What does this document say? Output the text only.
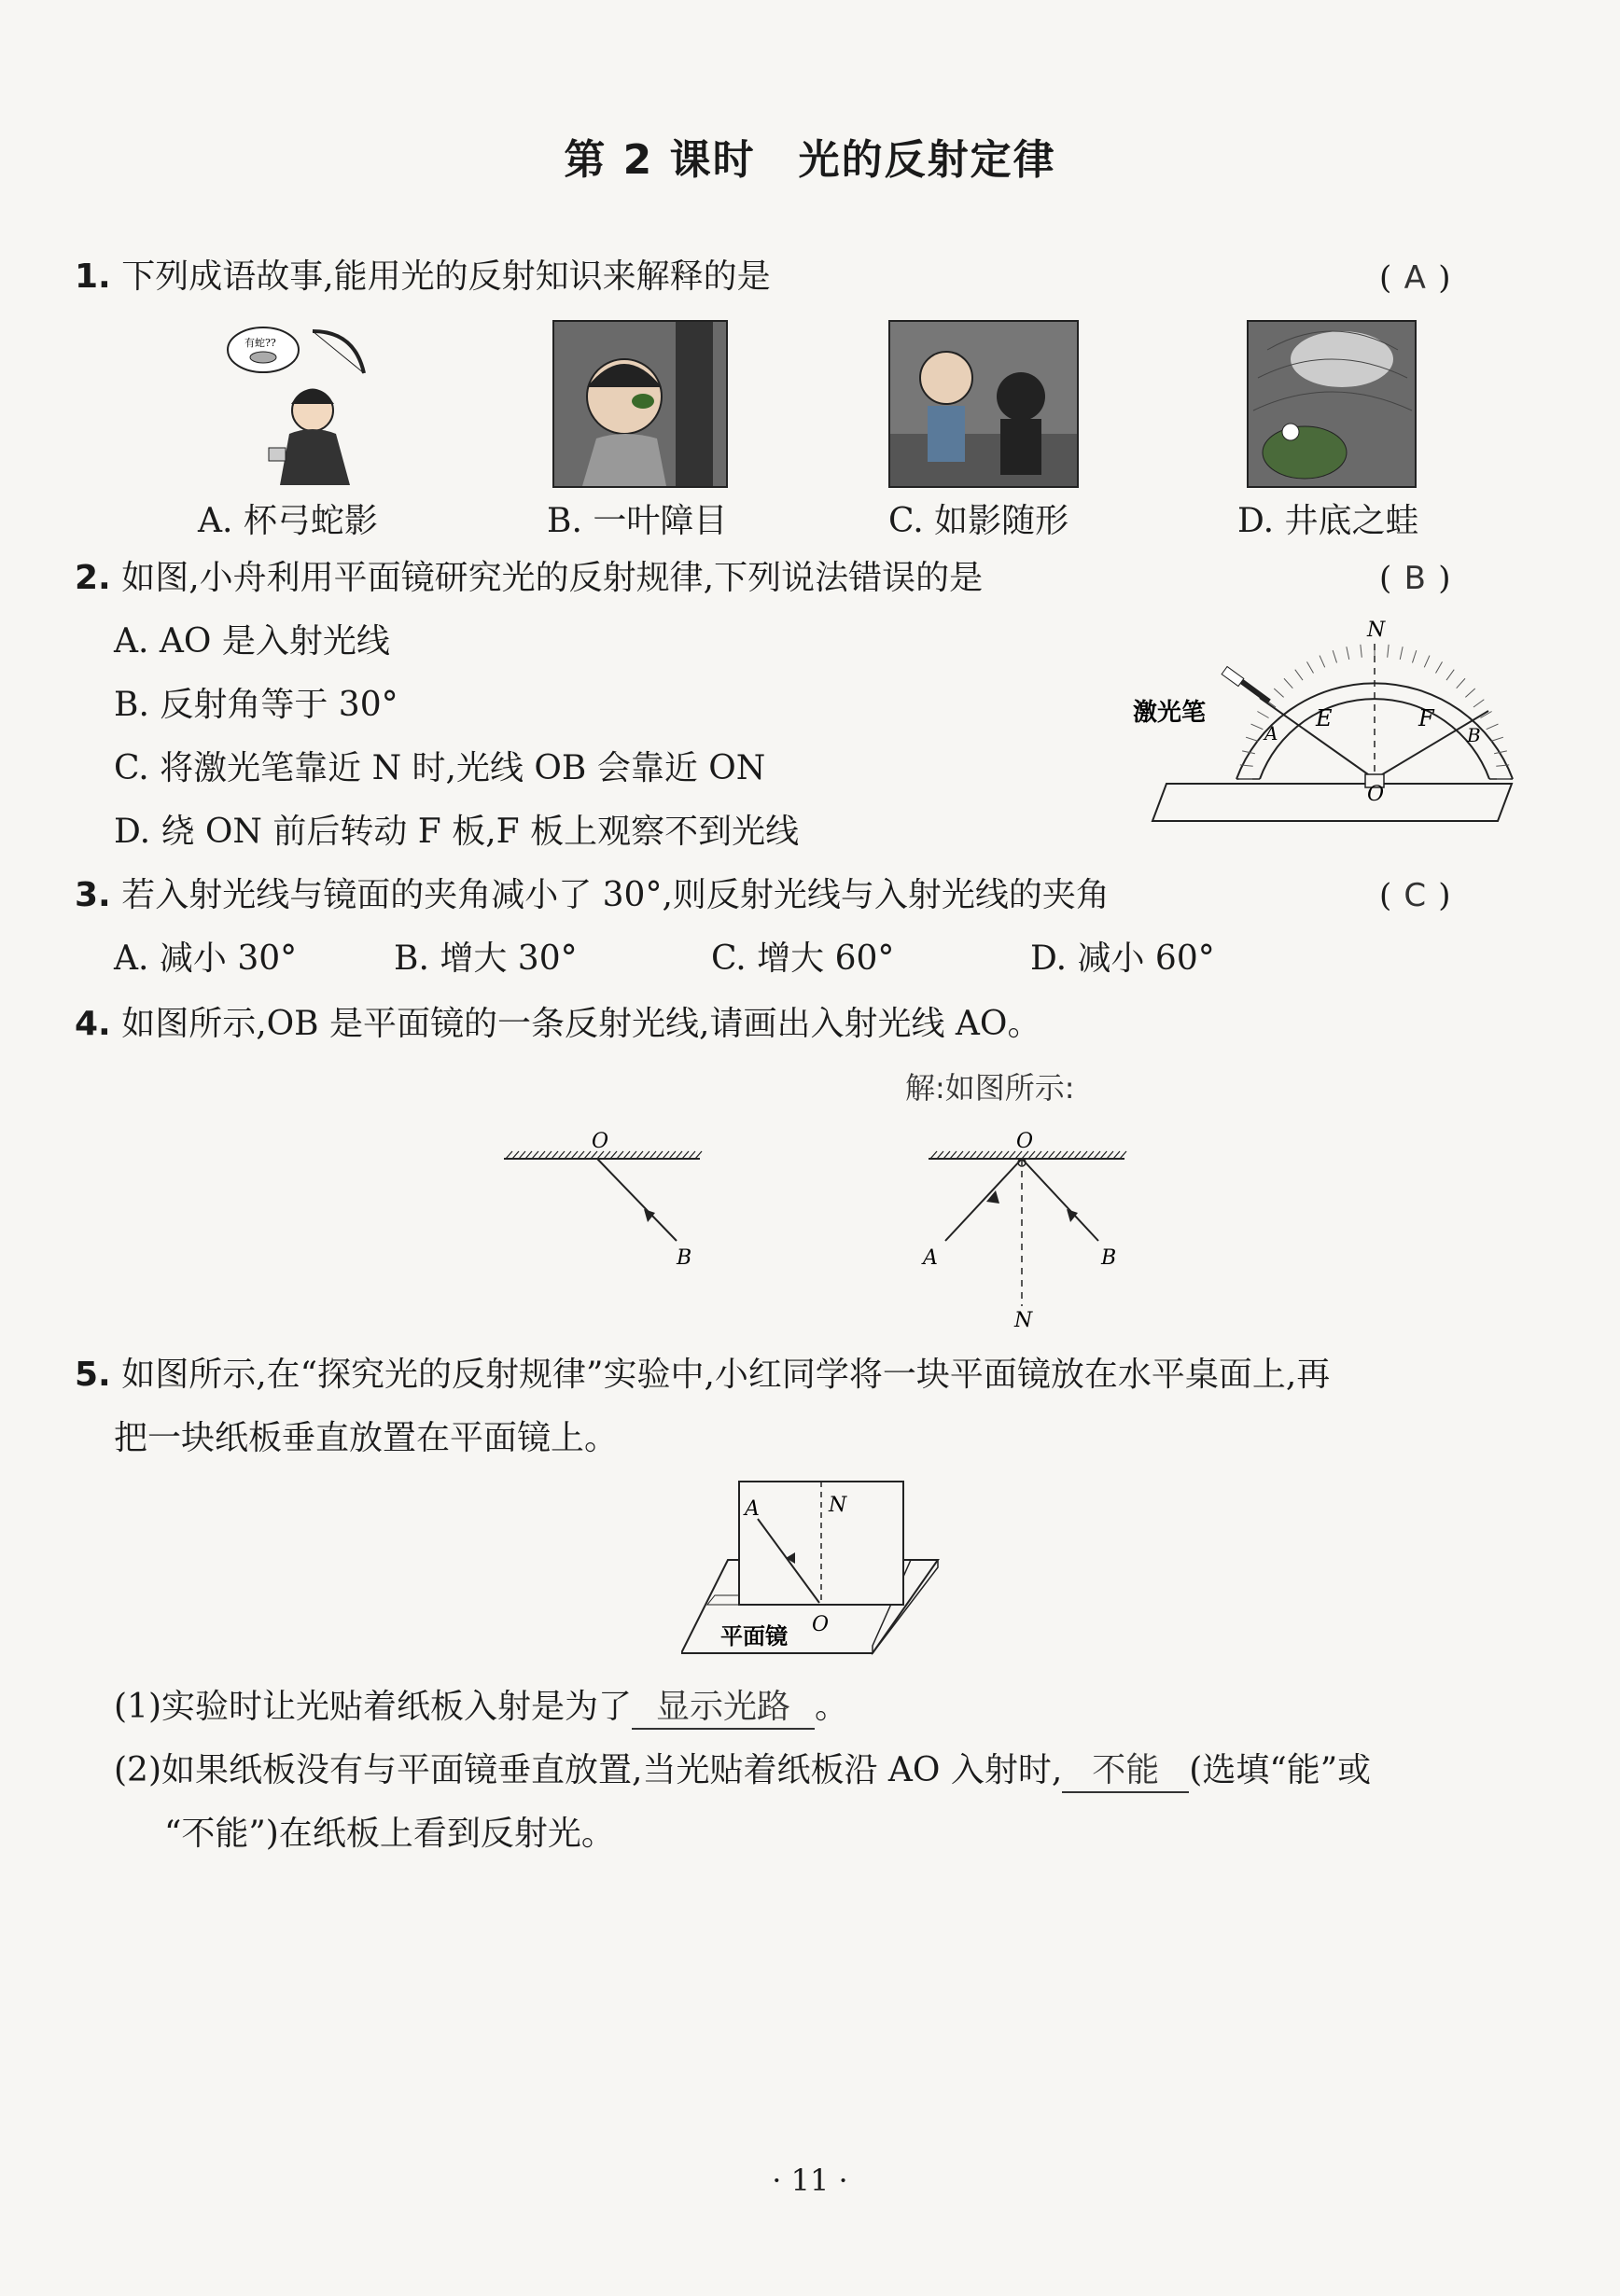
第 2 课时　光的反射定律
1. 下列成语故事,能用光的反射知识来解释的是	( A )
有蛇??
A. 杯弓蛇影	B. 一叶障目	C. 如影随形	D. 井底之蛙
2. 如图,小舟利用平面镜研究光的反射规律,下列说法错误的是	( B )
A. AO 是入射光线
B. 反射角等于 30°
C. 将激光笔靠近 N 时,光线 OB 会靠近 ON
D. 绕 ON 前后转动 F 板,F 板上观察不到光线
激光笔
N
E	F
A	B
O
3. 若入射光线与镜面的夹角减小了 30°,则反射光线与入射光线的夹角	( C )
A. 减小 30°	B. 增大 30°	C. 增大 60°	D. 减小 60°
4. 如图所示,OB 是平面镜的一条反射光线,请画出入射光线 AO。
解:如图所示:
O
B
O
A	B
N
5. 如图所示,在“探究光的反射规律”实验中,小红同学将一块平面镜放在水平桌面上,再
把一块纸板垂直放置在平面镜上。
A	N
O
平面镜
(1)实验时让光贴着纸板入射是为了 显示光路 。
(2)如果纸板没有与平面镜垂直放置,当光贴着纸板沿 AO 入射时, 不能 (选填“能”或
“不能”)在纸板上看到反射光。
· 11 ·
